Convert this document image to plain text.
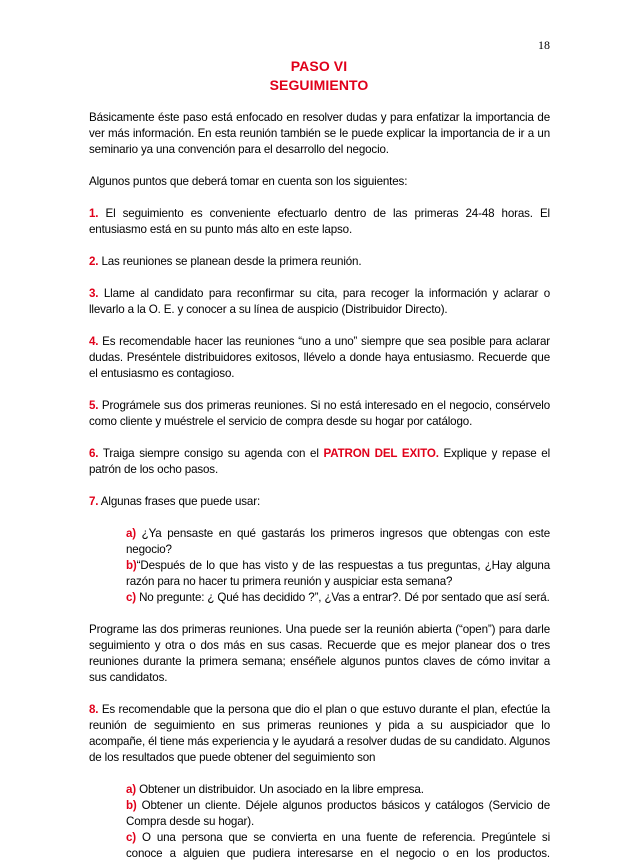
18
PASO VI
SEGUIMIENTO

Básicamente éste paso está enfocado en resolver dudas y para enfatizar la importancia de ver más información. En esta reunión también se le puede explicar la importancia de ir a un seminario ya una convención para el desarrollo del negocio.

Algunos puntos que deberá tomar en cuenta son los siguientes:

1. El seguimiento es conveniente efectuarlo dentro de las primeras 24-48 horas. El entusiasmo está en su punto más alto en este lapso.

2. Las reuniones se planean desde la primera reunión.

3. Llame al candidato para reconfirmar su cita, para recoger la información y aclarar o llevarlo a la O. E. y conocer a su línea de auspicio (Distribuidor Directo).

4. Es recomendable hacer las reuniones “uno a uno” siempre que sea posible para aclarar dudas. Preséntele distribuidores exitosos, llévelo a donde haya entusiasmo. Recuerde que el entusiasmo es contagioso.

5. Prográmele sus dos primeras reuniones. Si no está interesado en el negocio, consérvelo como cliente y muéstrele el servicio de compra desde su hogar por catálogo.

6. Traiga siempre consigo su agenda con el PATRON DEL EXITO. Explique y repase el patrón de los ocho pasos.

7. Algunas frases que puede usar:

a) ¿Ya pensaste en qué gastarás los primeros ingresos que obtengas con este negocio?

b)“Después de lo que has visto y de las respuestas a tus preguntas, ¿Hay alguna razón para no hacer tu primera reunión y auspiciar esta semana?

c) No pregunte: ¿ Qué has decidido ?”, ¿Vas a entrar?. Dé por sentado que así será.

Programe las dos primeras reuniones. Una puede ser la reunión abierta (“open”) para darle seguimiento y otra o dos más en sus casas. Recuerde que es mejor planear dos o tres reuniones durante la primera semana; enséñele algunos puntos claves de cómo invitar a sus candidatos.

8. Es recomendable que la persona que dio el plan o que estuvo durante el plan, efectúe la reunión de seguimiento en sus primeras reuniones y pida a su auspiciador que lo acompañe, él tiene más experiencia y le ayudará a resolver dudas de su candidato. Algunos de los resultados que puede obtener del seguimiento son

a) Obtener un distribuidor. Un asociado en la libre empresa.

b) Obtener un cliente. Déjele algunos productos básicos y catálogos (Servicio de Compra desde su hogar).

c) O una persona que se convierta en una fuente de referencia. Pregúntele si conoce a alguien que pudiera interesarse en el negocio o en los productos.
